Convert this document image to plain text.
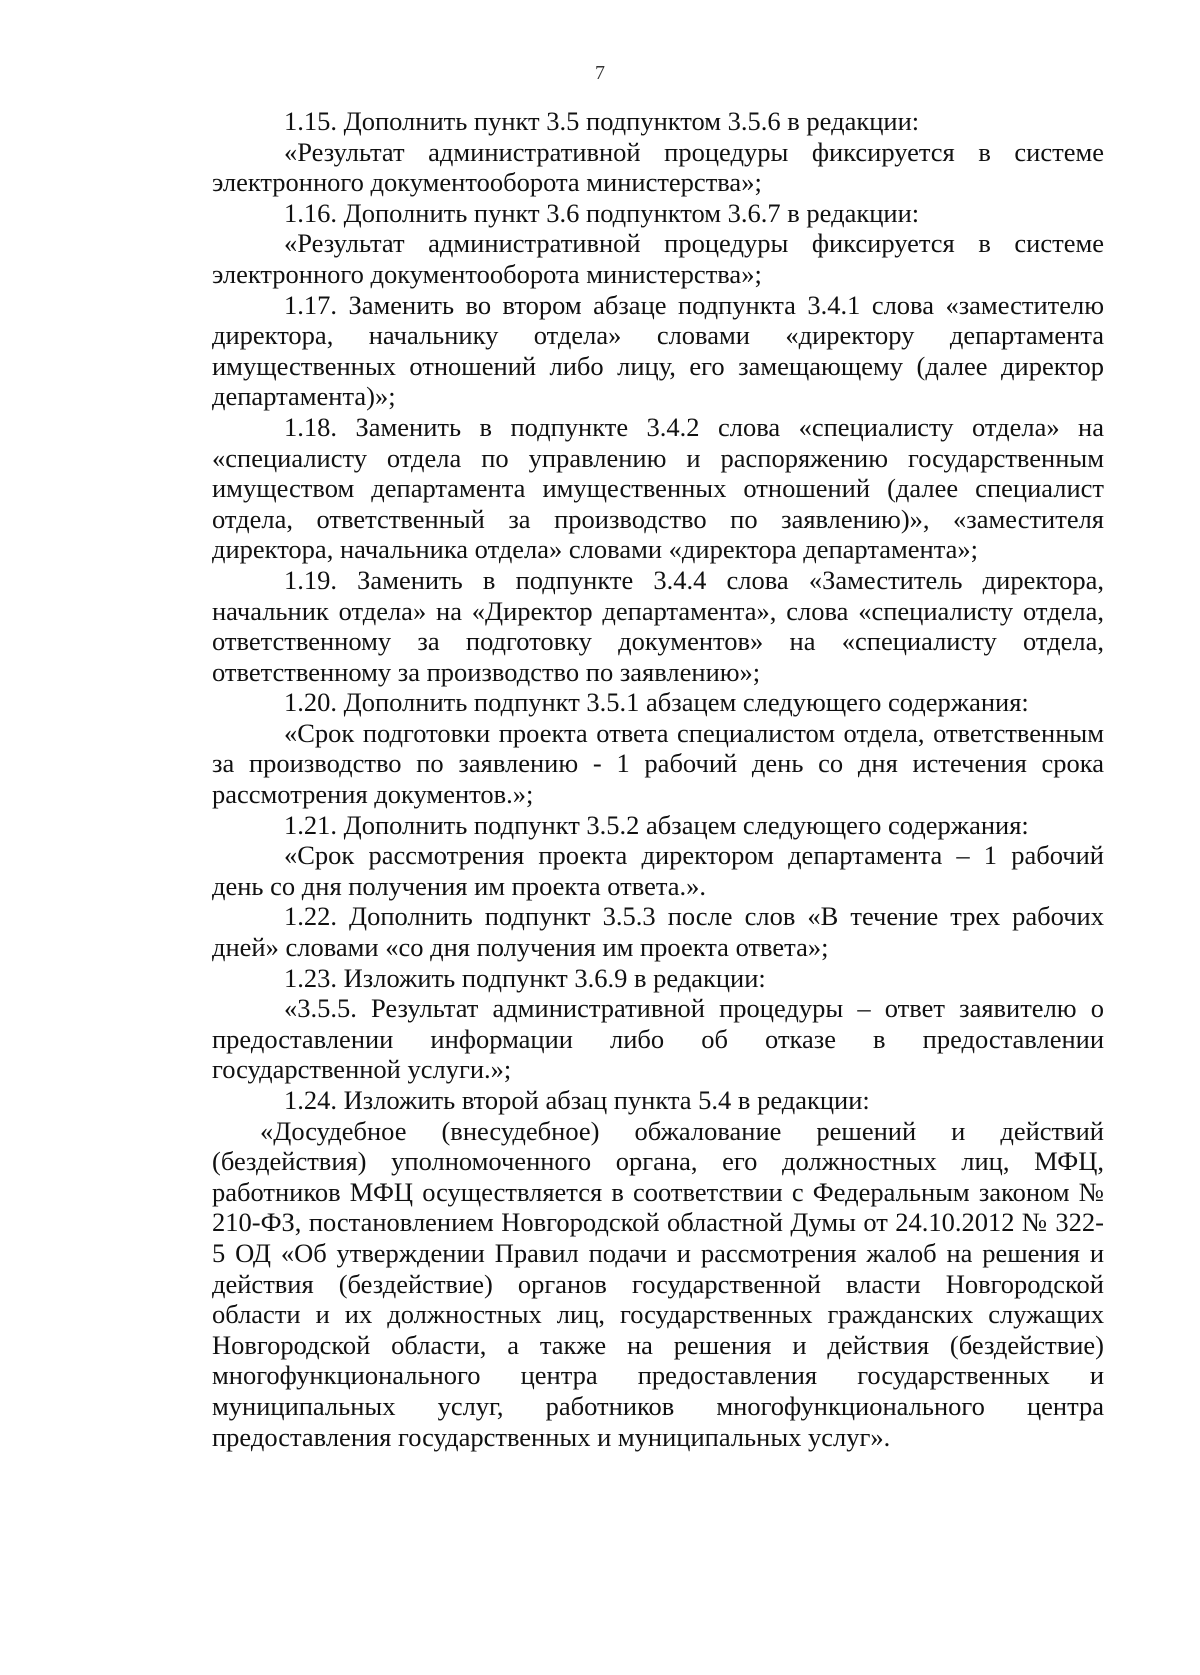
7

1.15. Дополнить пункт 3.5 подпунктом 3.5.6 в редакции:

«Результат административной процедуры фиксируется в системе электронного документооборота министерства»;

1.16. Дополнить пункт 3.6 подпунктом 3.6.7 в редакции:

«Результат административной процедуры фиксируется в системе электронного документооборота министерства»;

1.17. Заменить во втором абзаце подпункта 3.4.1 слова «заместителю директора, начальнику отдела» словами «директору департамента имущественных отношений либо лицу, его замещающему (далее директор департамента)»;

1.18. Заменить в подпункте 3.4.2 слова «специалисту отдела» на «специалисту отдела по управлению и распоряжению государственным имуществом департамента имущественных отношений (далее специалист отдела, ответственный за производство по заявлению)», «заместителя директора, начальника отдела» словами «директора департамента»;

1.19. Заменить в подпункте 3.4.4 слова «Заместитель директора, начальник отдела» на «Директор департамента», слова «специалисту отдела, ответственному за подготовку документов» на «специалисту отдела, ответственному за производство по заявлению»;

1.20. Дополнить подпункт 3.5.1 абзацем следующего содержания:

«Срок подготовки проекта ответа специалистом отдела, ответственным за производство по заявлению - 1 рабочий день со дня истечения срока рассмотрения документов.»;

1.21. Дополнить подпункт 3.5.2 абзацем следующего содержания:

«Срок рассмотрения проекта директором департамента – 1 рабочий день со дня получения им проекта ответа.».

1.22. Дополнить подпункт 3.5.3 после слов «В течение трех рабочих дней» словами «со дня получения им проекта ответа»;

1.23. Изложить подпункт 3.6.9 в редакции:

«3.5.5. Результат административной процедуры – ответ заявителю о предоставлении информации либо об отказе в предоставлении государственной услуги.»;

1.24. Изложить второй абзац пункта 5.4 в редакции:

«Досудебное (внесудебное) обжалование решений и действий (бездействия) уполномоченного органа, его должностных лиц, МФЦ, работников МФЦ осуществляется в соответствии с Федеральным законом № 210-ФЗ, постановлением Новгородской областной Думы от 24.10.2012 № 322-5 ОД «Об утверждении Правил подачи и рассмотрения жалоб на решения и действия (бездействие) органов государственной власти Новгородской области и их должностных лиц, государственных гражданских служащих Новгородской области, а также на решения и действия (бездействие) многофункционального центра предоставления государственных и муниципальных услуг, работников многофункционального центра предоставления государственных и муниципальных услуг».
